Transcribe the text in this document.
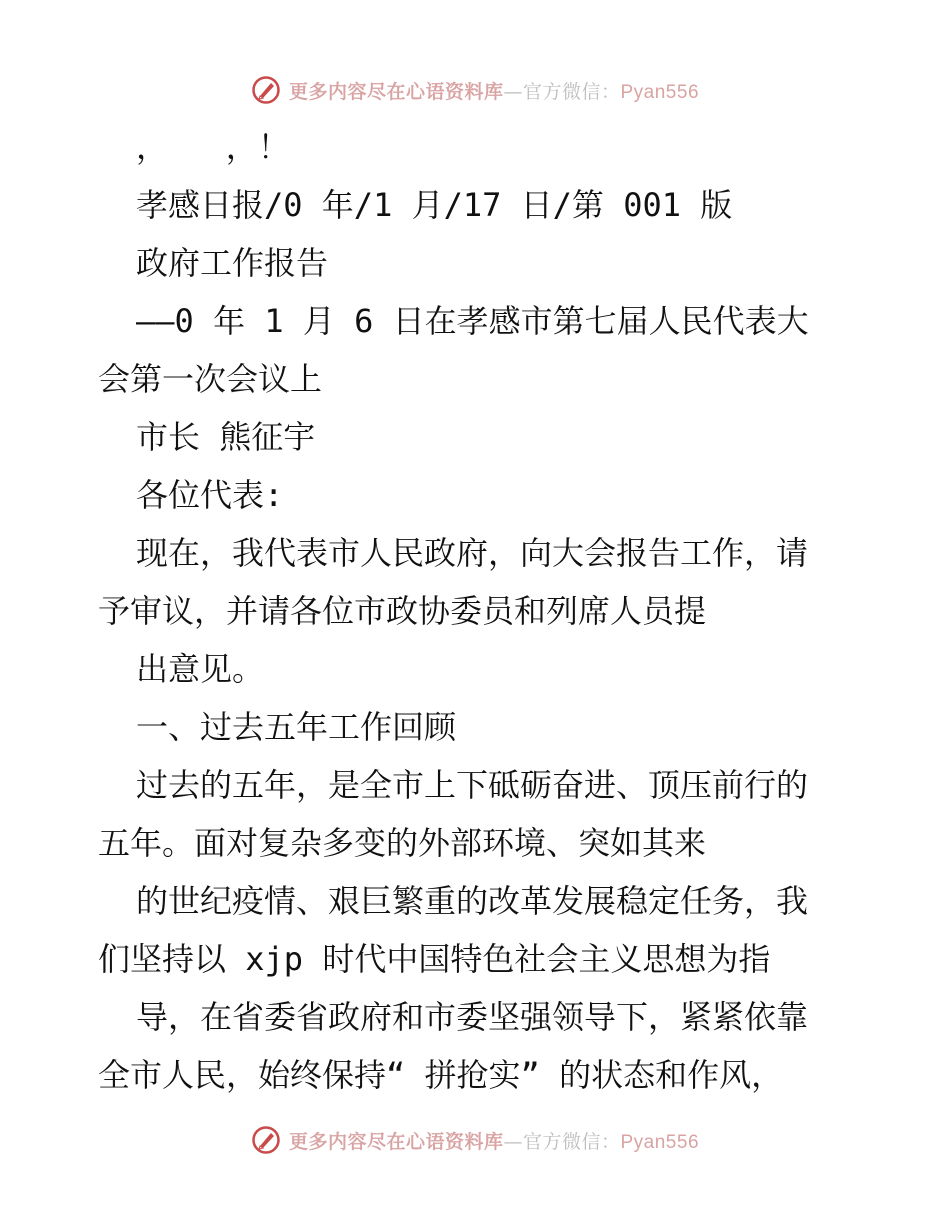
更多内容尽在心语资料库—官方微信：Pyan556
，   ，！
孝感日报/0 年/1 月/17 日/第 001 版
政府工作报告
——0 年 1 月 6 日在孝感市第七届人民代表大
会第一次会议上
市长 熊征宇
各位代表:
现在，我代表市人民政府，向大会报告工作，请
予审议，并请各位市政协委员和列席人员提
出意见。
一、过去五年工作回顾
过去的五年，是全市上下砥砺奋进、顶压前行的
五年。面对复杂多变的外部环境、突如其来
的世纪疫情、艰巨繁重的改革发展稳定任务，我
们坚持以 xjp 时代中国特色社会主义思想为指
导，在省委省政府和市委坚强领导下，紧紧依靠
全市人民，始终保持“ 拼抢实” 的状态和作风，
更多内容尽在心语资料库—官方微信：Pyan556
